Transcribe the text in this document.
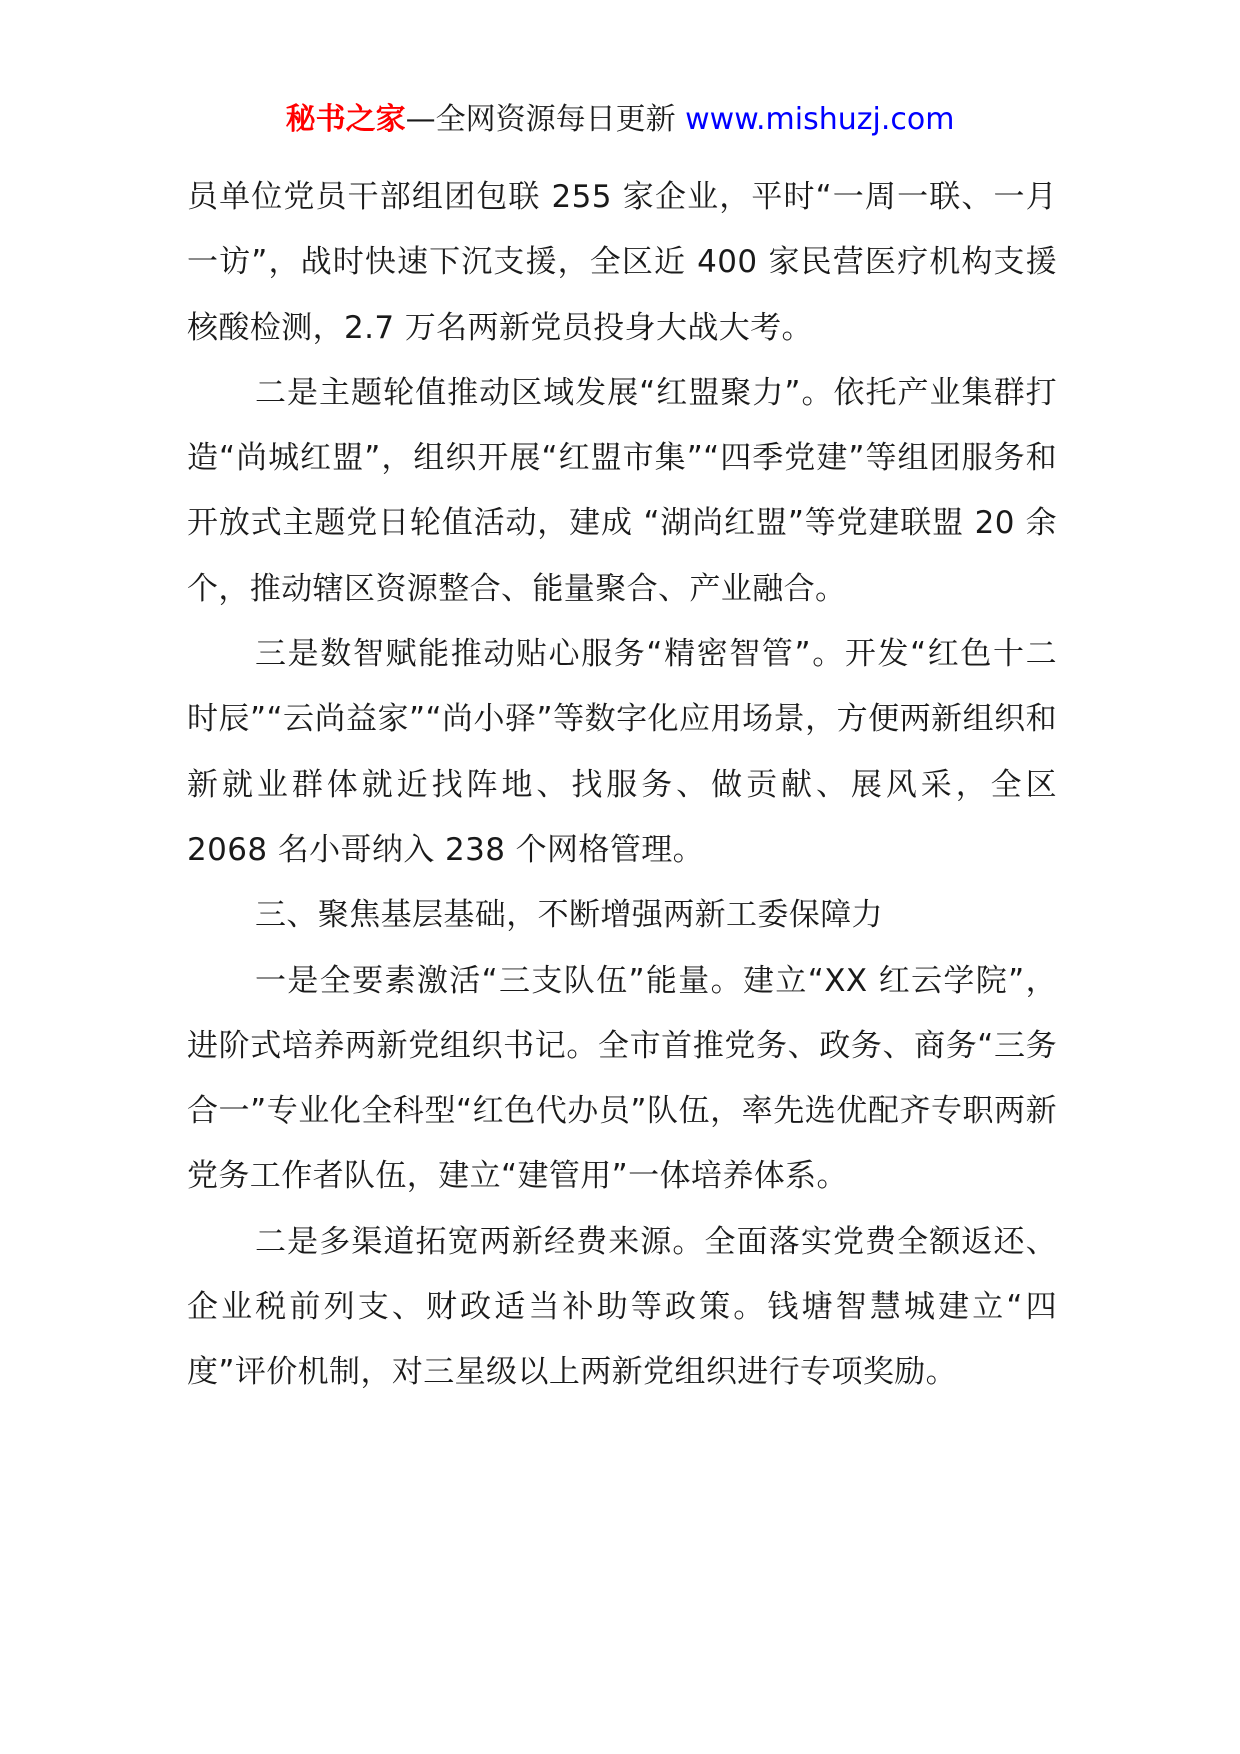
秘书之家—全网资源每日更新 www.mishuzj.com

员单位党员干部组团包联 255 家企业，平时“一周一联、一月一访”，战时快速下沉支援，全区近 400 家民营医疗机构支援核酸检测，2.7 万名两新党员投身大战大考。

二是主题轮值推动区域发展“红盟聚力”。依托产业集群打造“尚城红盟”，组织开展“红盟市集”“四季党建”等组团服务和开放式主题党日轮值活动，建成 “湖尚红盟”等党建联盟 20 余个，推动辖区资源整合、能量聚合、产业融合。

三是数智赋能推动贴心服务“精密智管”。开发“红色十二时辰”“云尚益家”“尚小驿”等数字化应用场景，方便两新组织和新就业群体就近找阵地、找服务、做贡献、展风采，全区 2068 名小哥纳入 238 个网格管理。

三、聚焦基层基础，不断增强两新工委保障力

一是全要素激活“三支队伍”能量。建立“XX 红云学院”，进阶式培养两新党组织书记。全市首推党务、政务、商务“三务合一”专业化全科型“红色代办员”队伍，率先选优配齐专职两新党务工作者队伍，建立“建管用”一体培养体系。

二是多渠道拓宽两新经费来源。全面落实党费全额返还、企业税前列支、财政适当补助等政策。钱塘智慧城建立“四度”评价机制，对三星级以上两新党组织进行专项奖励。
